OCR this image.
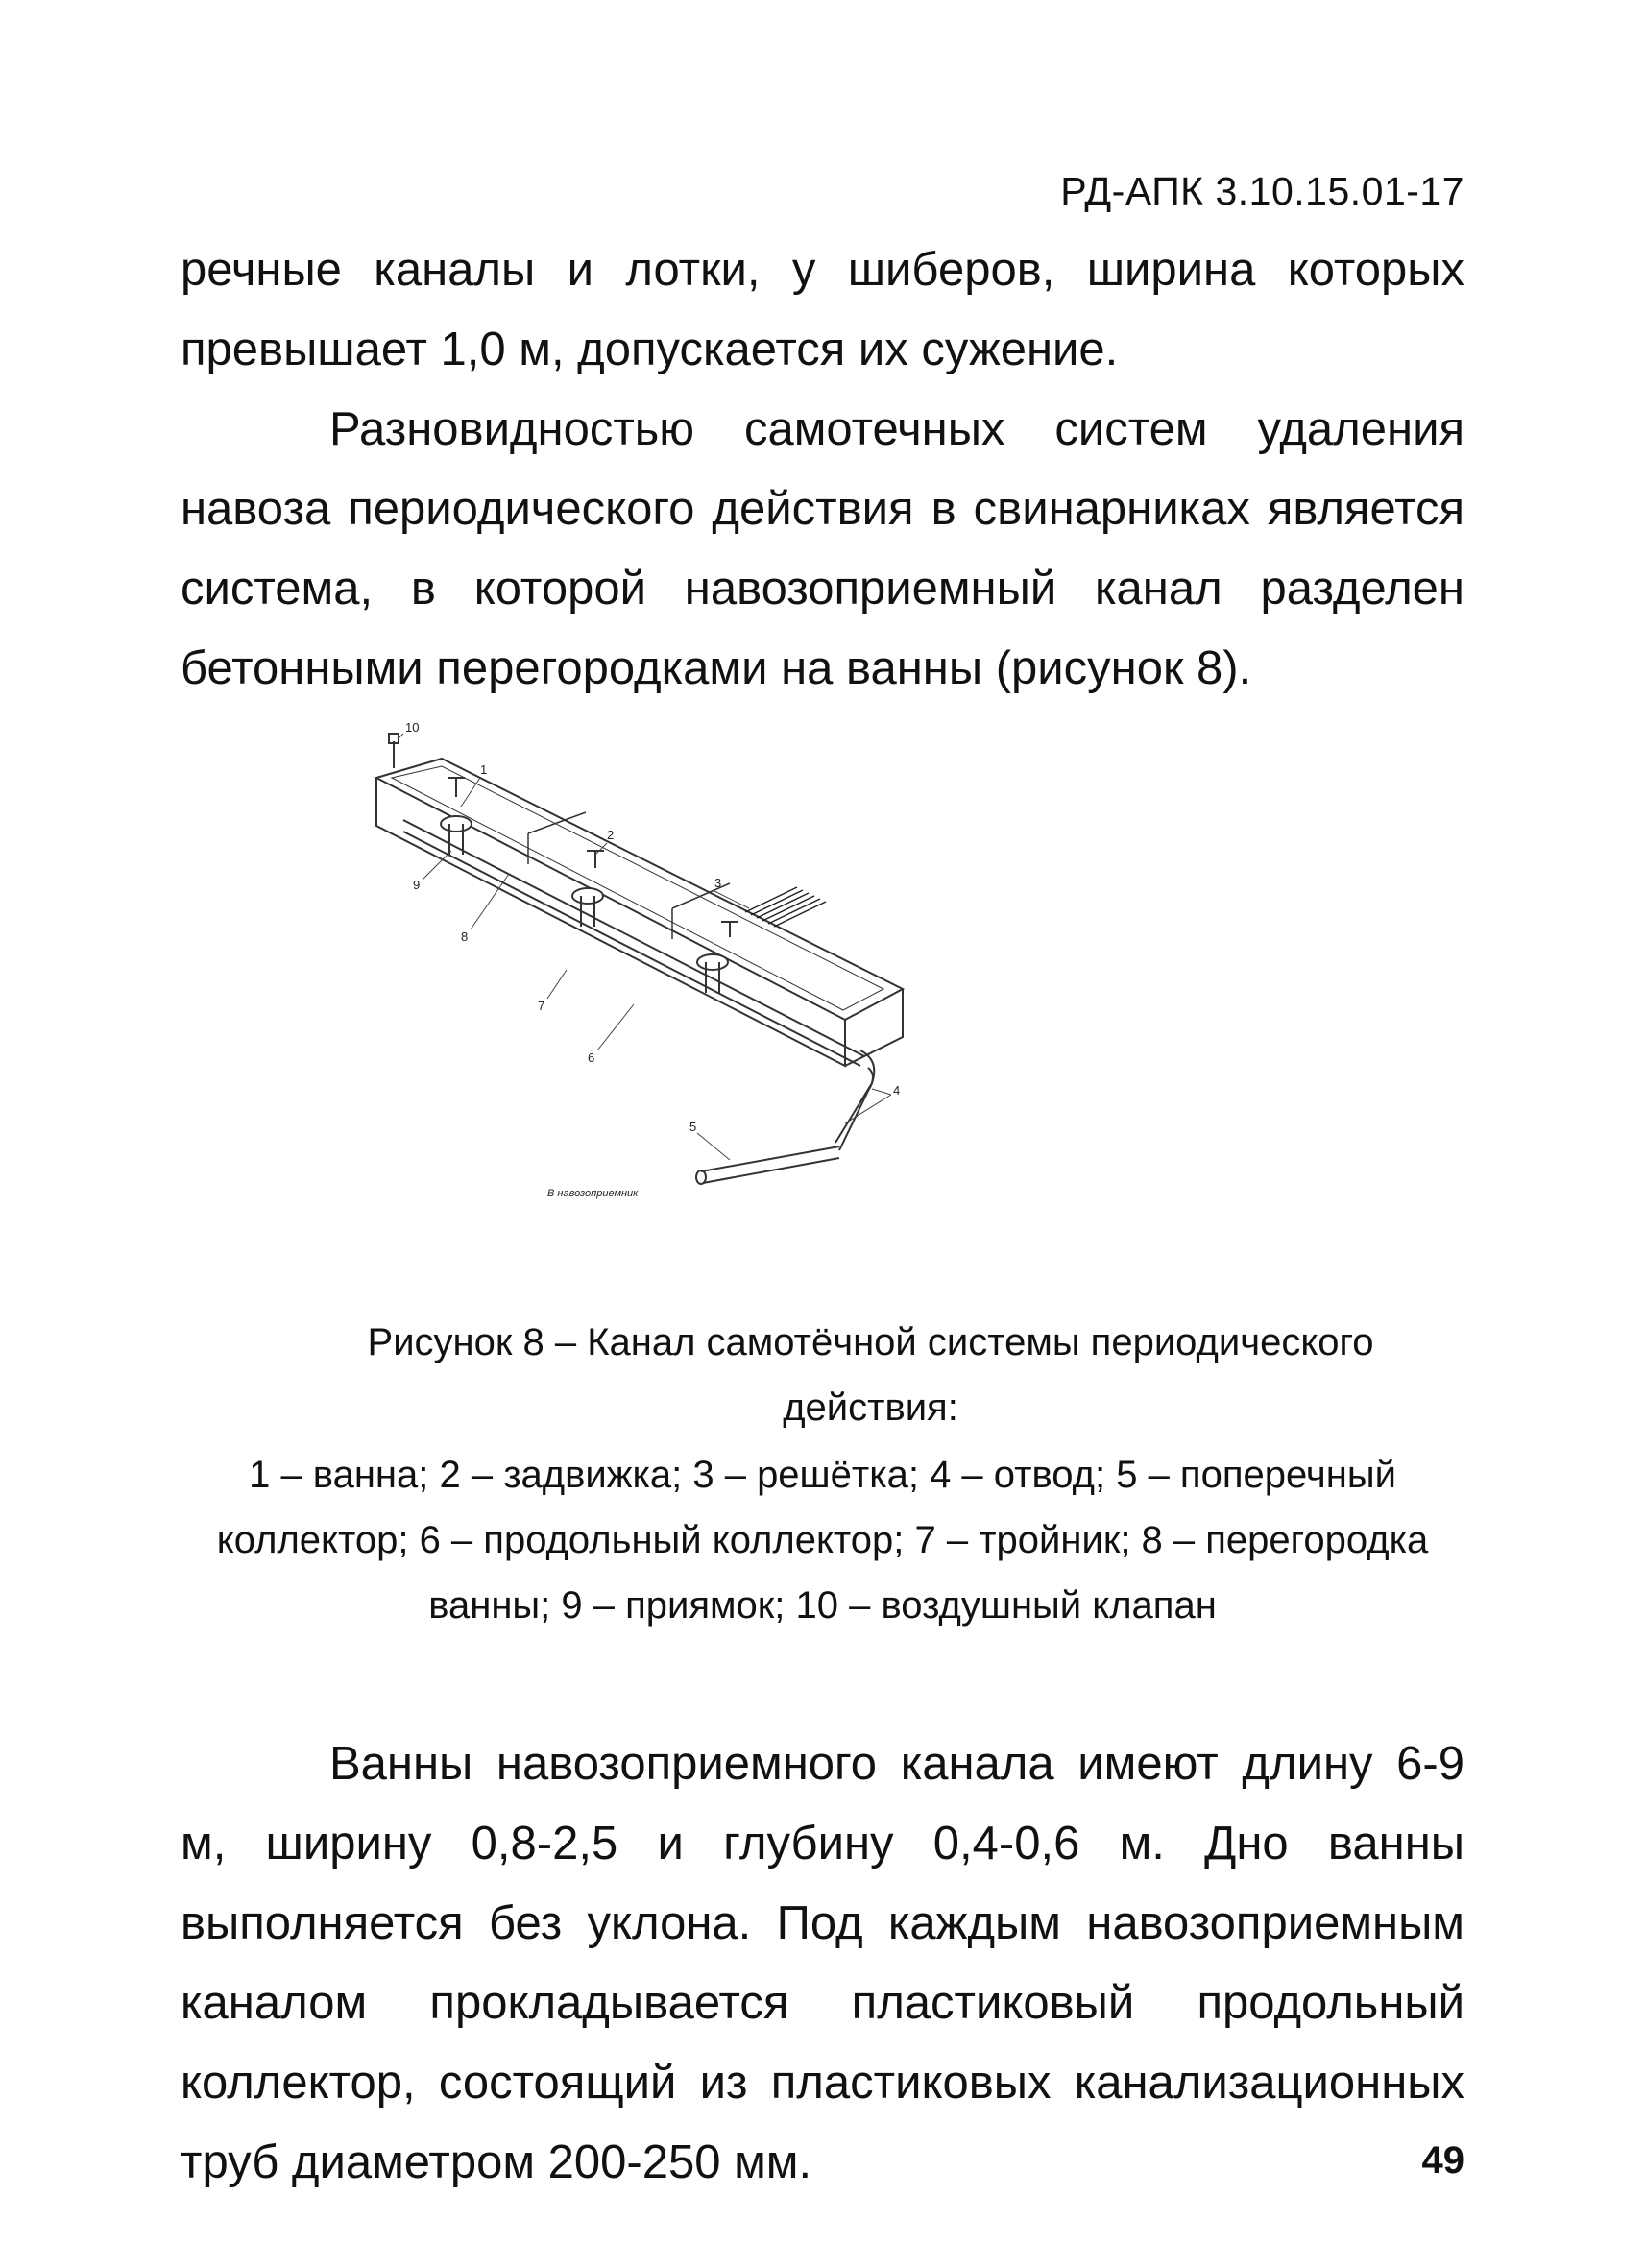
РД-АПК 3.10.15.01-17

речные каналы и лотки, у шиберов, ширина которых превышает 1,0 м, допускается их сужение.

Разновидностью самотечных систем удаления навоза периодического действия в свинарниках является система, в которой навозоприемный канал разделен бетонными перегородками на ванны (рисунок 8).

1
2
3
4
5
6
7
8
9
10
В навозоприемник

Рисунок 8 – Канал самотёчной системы периодического действия:
1 – ванна; 2 – задвижка; 3 – решётка; 4 – отвод; 5 – поперечный коллектор; 6 – продольный коллектор; 7 – тройник; 8 – перегородка ванны; 9 – приямок; 10 – воздушный клапан

Ванны навозоприемного канала имеют длину 6-9 м, ширину 0,8-2,5 и глубину 0,4-0,6 м. Дно ванны выполняется без уклона. Под каждым навозоприемным каналом прокладывается пластиковый продольный коллектор, состоящий из пластиковых канализационных труб диаметром 200-250 мм.	49
